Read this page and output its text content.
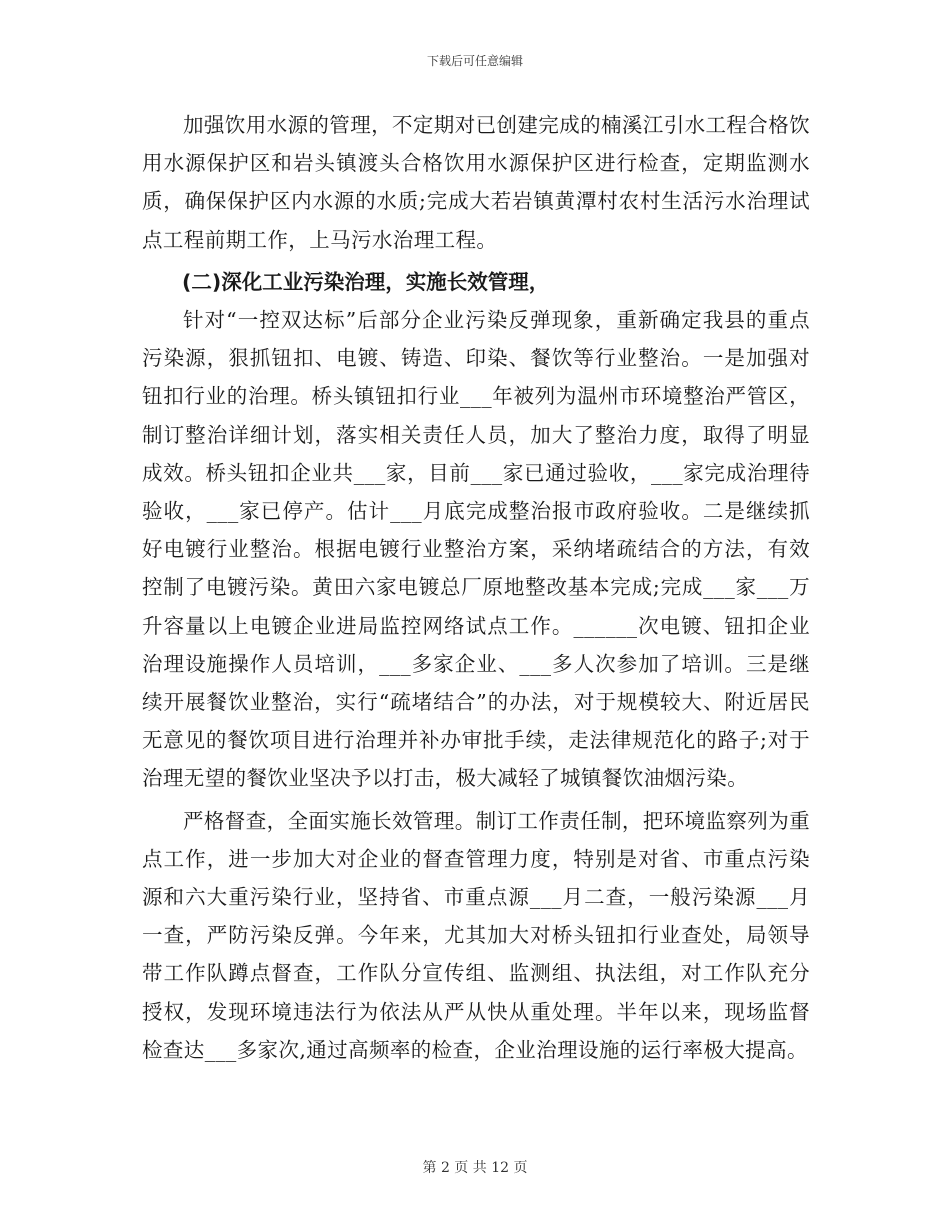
下载后可任意编辑

加强饮用水源的管理，不定期对已创建完成的楠溪江引水工程合格饮用水源保护区和岩头镇渡头合格饮用水源保护区进行检查，定期监测水质，确保保护区内水源的水质;完成大若岩镇黄潭村农村生活污水治理试点工程前期工作，上马污水治理工程。

(二)深化工业污染治理，实施长效管理，

针对“一控双达标”后部分企业污染反弹现象，重新确定我县的重点污染源，狠抓钮扣、电镀、铸造、印染、餐饮等行业整治。一是加强对钮扣行业的治理。桥头镇钮扣行业___年被列为温州市环境整治严管区，制订整治详细计划，落实相关责任人员，加大了整治力度，取得了明显成效。桥头钮扣企业共___家，目前___家已通过验收，___家完成治理待验收，___家已停产。估计___月底完成整治报市政府验收。二是继续抓好电镀行业整治。根据电镀行业整治方案，采纳堵疏结合的方法，有效控制了电镀污染。黄田六家电镀总厂原地整改基本完成;完成___家___万升容量以上电镀企业进局监控网络试点工作。______次电镀、钮扣企业治理设施操作人员培训，___多家企业、___多人次参加了培训。三是继续开展餐饮业整治，实行“疏堵结合”的办法，对于规模较大、附近居民无意见的餐饮项目进行治理并补办审批手续，走法律规范化的路子;对于治理无望的餐饮业坚决予以打击，极大减轻了城镇餐饮油烟污染。

严格督查，全面实施长效管理。制订工作责任制，把环境监察列为重点工作，进一步加大对企业的督查管理力度，特别是对省、市重点污染源和六大重污染行业，坚持省、市重点源___月二查，一般污染源___月一查，严防污染反弹。今年来，尤其加大对桥头钮扣行业查处，局领导带工作队蹲点督查，工作队分宣传组、监测组、执法组，对工作队充分授权，发现环境违法行为依法从严从快从重处理。半年以来，现场监督检查达___多家次,通过高频率的检查，企业治理设施的运行率极大提高。

第 2 页 共 12 页
